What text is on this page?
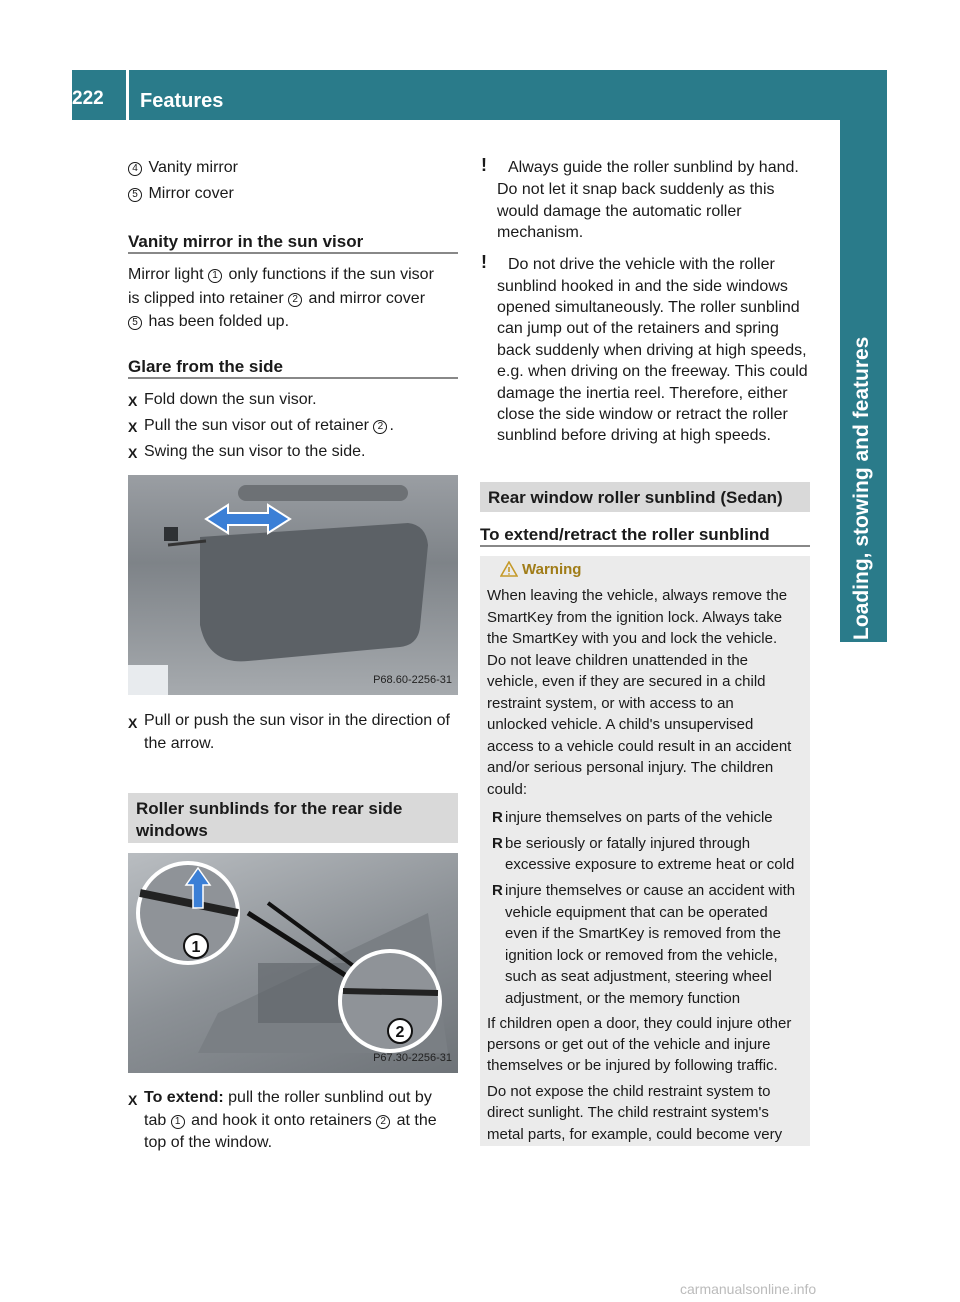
222	Features
Loading, stowing and features
4 Vanity mirror
5 Mirror cover
Vanity mirror in the sun visor
Mirror light 1 only functions if the sun visor
is clipped into retainer 2 and mirror cover
5 has been folded up.
Glare from the side
X Fold down the sun visor.
X Pull the sun visor out of retainer 2 .
X Swing the sun visor to the side.
P68.60-2256-31
X Pull or push the sun visor in the direction of
the arrow.
Roller sunblinds for the rear side
windows
1
2
P67.30-2256-31
X To extend: pull the roller sunblind out by
tab 1 and hook it onto retainers 2 at the
top of the window.
! Always guide the roller sunblind by hand.
Do not let it snap back suddenly as this
would damage the automatic roller
mechanism.
! Do not drive the vehicle with the roller
sunblind hooked in and the side windows
opened simultaneously. The roller sunblind
can jump out of the retainers and spring
back suddenly when driving at high speeds,
e.g. when driving on the freeway. This could
damage the inertia reel. Therefore, either
close the side window or retract the roller
sunblind before driving at high speeds.
Rear window roller sunblind (Sedan)
To extend/retract the roller sunblind
Warning
When leaving the vehicle, always remove the
SmartKey from the ignition lock. Always take
the SmartKey with you and lock the vehicle.
Do not leave children unattended in the
vehicle, even if they are secured in a child
restraint system, or with access to an
unlocked vehicle. A child's unsupervised
access to a vehicle could result in an accident
and/or serious personal injury. The children
could:
R injure themselves on parts of the vehicle
R be seriously or fatally injured through
excessive exposure to extreme heat or cold
R injure themselves or cause an accident with
vehicle equipment that can be operated
even if the SmartKey is removed from the
ignition lock or removed from the vehicle,
such as seat adjustment, steering wheel
adjustment, or the memory function
If children open a door, they could injure other
persons or get out of the vehicle and injure
themselves or be injured by following traffic.
Do not expose the child restraint system to
direct sunlight. The child restraint system's
metal parts, for example, could become very
carmanualsonline.info
